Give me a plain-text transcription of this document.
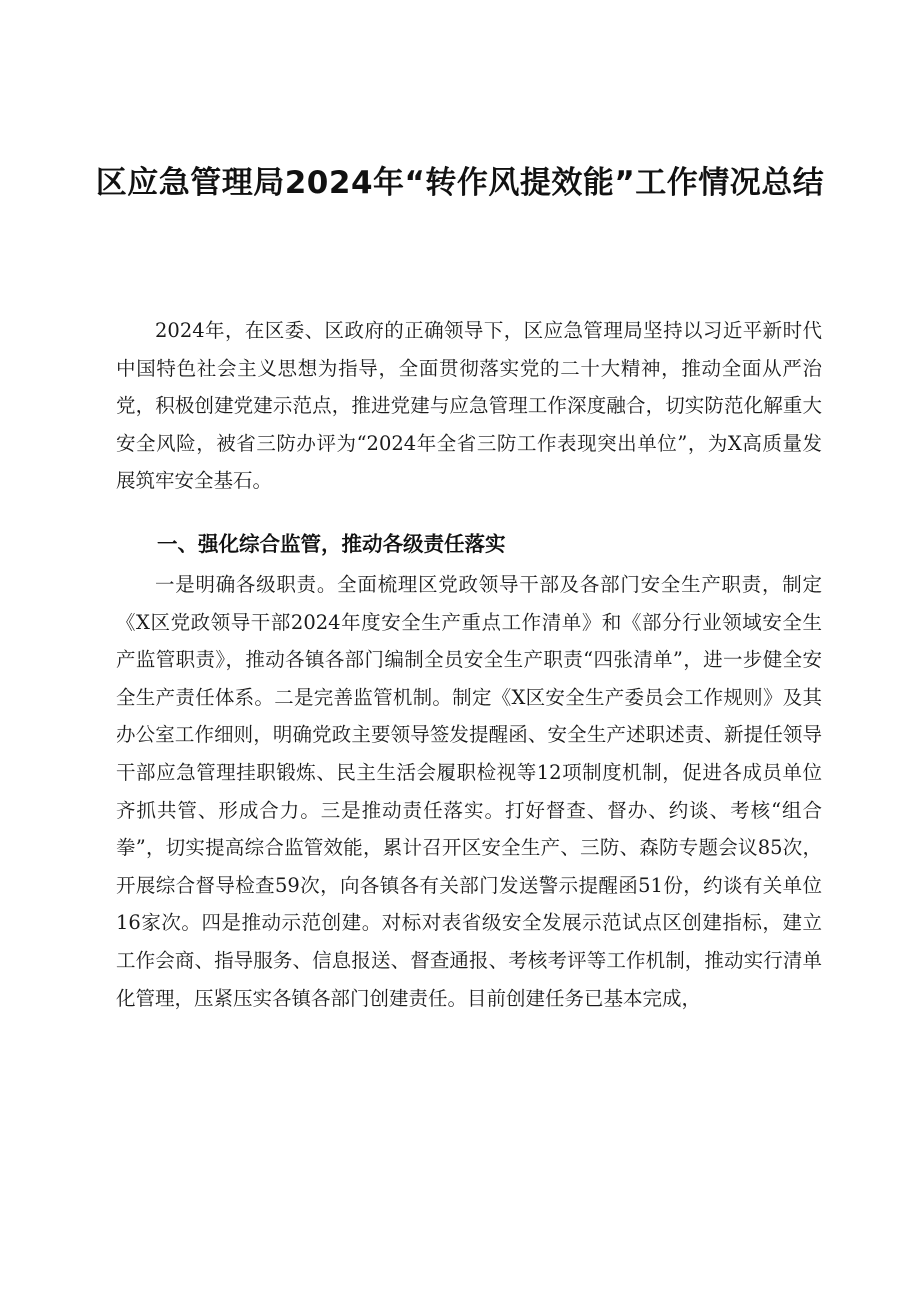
区应急管理局2024年“转作风提效能”工作情况总结

2024年，在区委、区政府的正确领导下，区应急管理局坚持以习近平新时代中国特色社会主义思想为指导，全面贯彻落实党的二十大精神，推动全面从严治党，积极创建党建示范点，推进党建与应急管理工作深度融合，切实防范化解重大安全风险，被省三防办评为“2024年全省三防工作表现突出单位”，为X高质量发展筑牢安全基石。

一、强化综合监管，推动各级责任落实

一是明确各级职责。全面梳理区党政领导干部及各部门安全生产职责，制定《X区党政领导干部2024年度安全生产重点工作清单》和《部分行业领域安全生产监管职责》，推动各镇各部门编制全员安全生产职责“四张清单”，进一步健全安全生产责任体系。二是完善监管机制。制定《X区安全生产委员会工作规则》及其办公室工作细则，明确党政主要领导签发提醒函、安全生产述职述责、新提任领导干部应急管理挂职锻炼、民主生活会履职检视等12项制度机制，促进各成员单位齐抓共管、形成合力。三是推动责任落实。打好督查、督办、约谈、考核“组合拳”，切实提高综合监管效能，累计召开区安全生产、三防、森防专题会议85次，开展综合督导检查59次，向各镇各有关部门发送警示提醒函51份，约谈有关单位16家次。四是推动示范创建。对标对表省级安全发展示范试点区创建指标，建立工作会商、指导服务、信息报送、督查通报、考核考评等工作机制，推动实行清单化管理，压紧压实各镇各部门创建责任。目前创建任务已基本完成，
